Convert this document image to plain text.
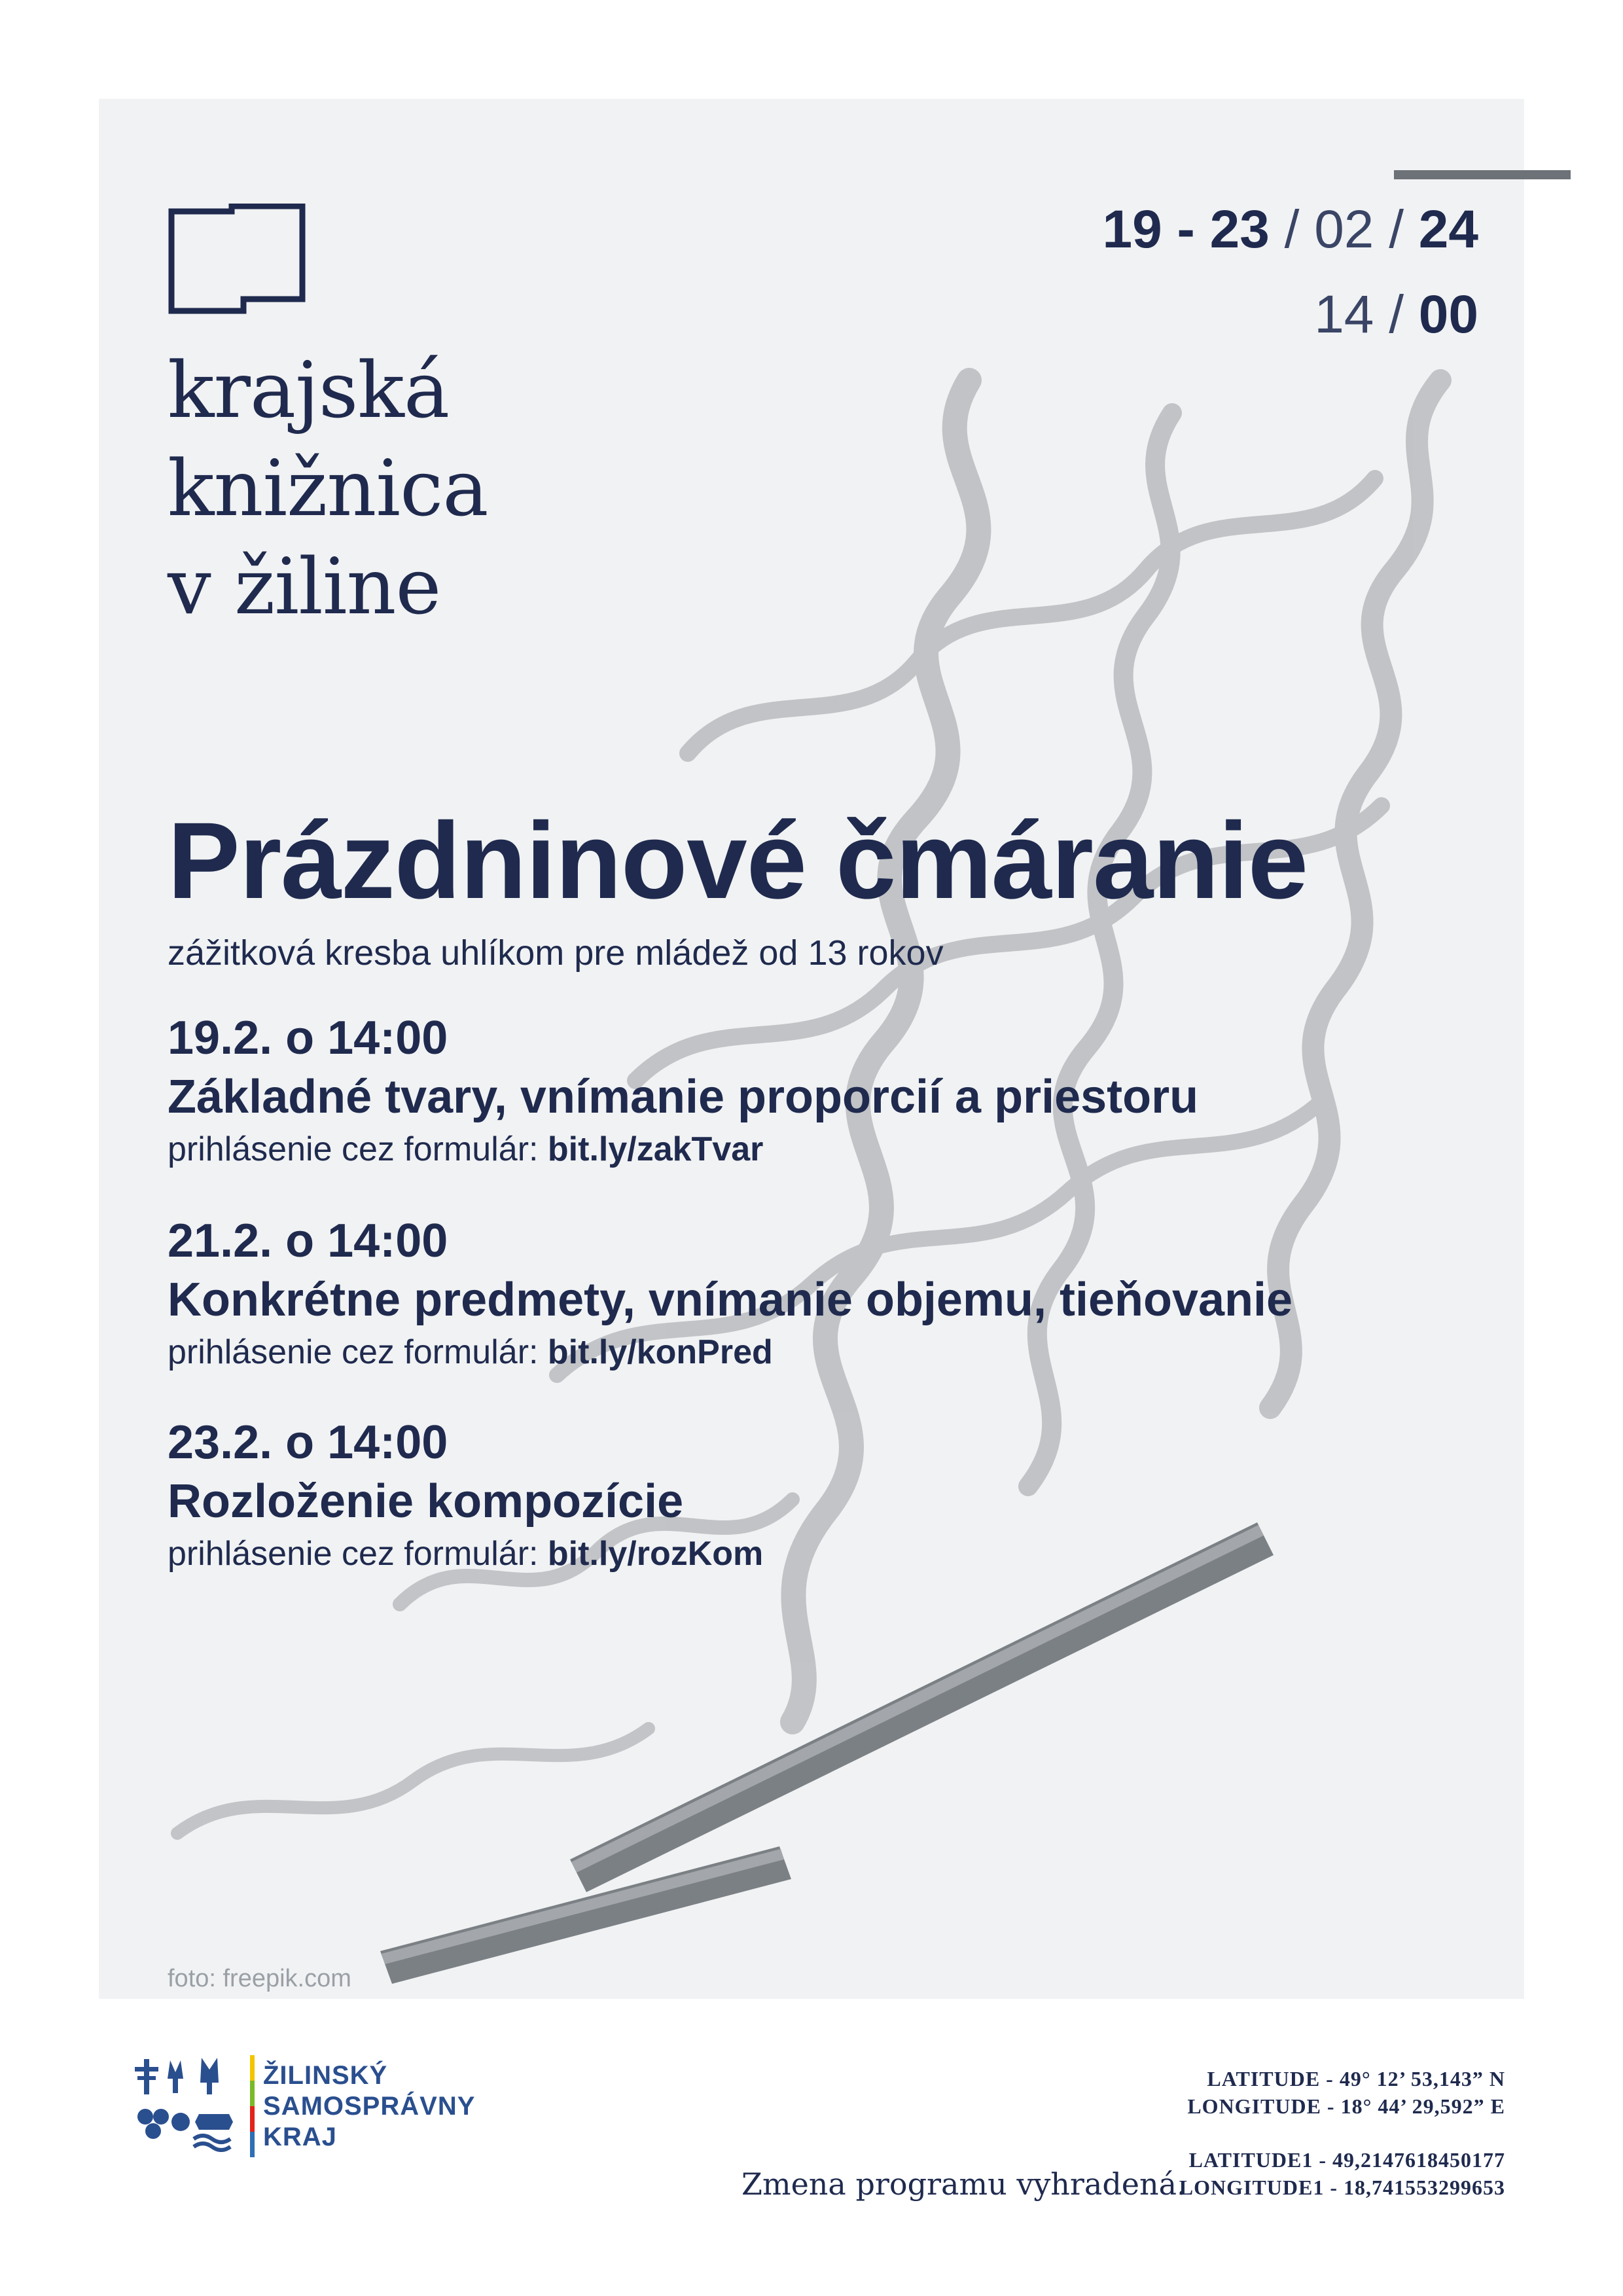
krajská
knižnica
v žiline
19 - 23 / 02 / 24
14 / 00
Prázdninové čmáranie

zážitková kresba uhlíkom pre mládež od 13 rokov

19.2. o 14:00
Základné tvary, vnímanie proporcií a priestoru
prihlásenie cez formulár: bit.ly/zakTvar
21.2. o 14:00
Konkrétne predmety, vnímanie objemu, tieňovanie
prihlásenie cez formulár: bit.ly/konPred
23.2. o 14:00
Rozloženie kompozície
prihlásenie cez formulár: bit.ly/rozKom
foto: freepik.com
ŽILINSKÝ
SAMOSPRÁVNY
KRAJ
Zmena programu vyhradená.
LATITUDE - 49° 12’ 53,143” N
LONGITUDE - 18° 44’ 29,592” E
LATITUDE1 - 49,2147618450177
LONGITUDE1 - 18,741553299653
